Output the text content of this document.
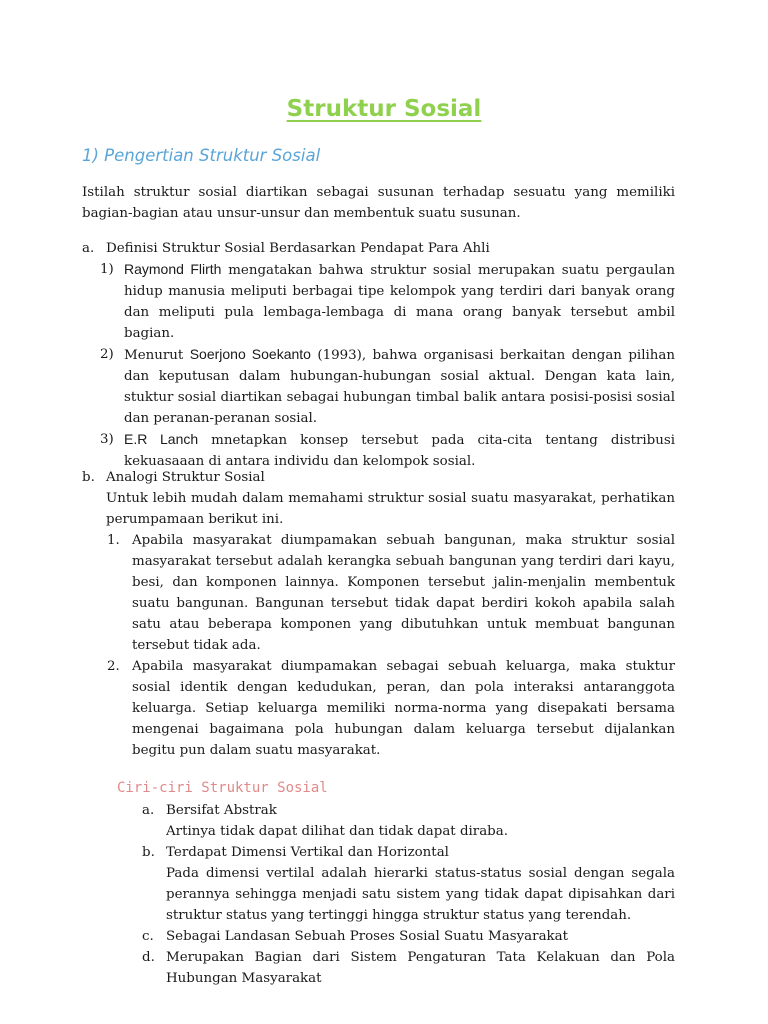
Struktur Sosial
1) Pengertian Struktur Sosial
Istilah struktur sosial diartikan sebagai susunan terhadap sesuatu yang memiliki bagian-bagian atau unsur-unsur dan membentuk suatu susunan.
a. Definisi Struktur Sosial Berdasarkan Pendapat Para Ahli
1) Raymond Flirth mengatakan bahwa struktur sosial merupakan suatu pergaulan hidup manusia meliputi berbagai tipe kelompok yang terdiri dari banyak orang dan meliputi pula lembaga-lembaga di mana orang banyak tersebut ambil bagian.
2) Menurut Soerjono Soekanto (1993), bahwa organisasi berkaitan dengan pilihan dan keputusan dalam hubungan-hubungan sosial aktual. Dengan kata lain, stuktur sosial diartikan sebagai hubungan timbal balik antara posisi-posisi sosial dan peranan-peranan sosial.
3) E.R Lanch mnetapkan konsep tersebut pada cita-cita tentang distribusi kekuasaaan di antara individu dan kelompok sosial.
b. Analogi Struktur Sosial
Untuk lebih mudah dalam memahami struktur sosial suatu masyarakat, perhatikan perumpamaan berikut ini.
1. Apabila masyarakat diumpamakan sebuah bangunan, maka struktur sosial masyarakat tersebut adalah kerangka sebuah bangunan yang terdiri dari kayu, besi, dan komponen lainnya. Komponen tersebut jalin-menjalin membentuk suatu bangunan. Bangunan tersebut tidak dapat berdiri kokoh apabila salah satu atau beberapa komponen yang dibutuhkan untuk membuat bangunan tersebut tidak ada.
2. Apabila masyarakat diumpamakan sebagai sebuah keluarga, maka stuktur sosial identik dengan kedudukan, peran, dan pola interaksi antaranggota keluarga. Setiap keluarga memiliki norma-norma yang disepakati bersama mengenai bagaimana pola hubungan dalam keluarga tersebut dijalankan begitu pun dalam suatu masyarakat.
Ciri-ciri Struktur Sosial
a. Bersifat Abstrak
Artinya tidak dapat dilihat dan tidak dapat diraba.
b. Terdapat Dimensi Vertikal dan Horizontal
Pada dimensi vertilal adalah hierarki status-status sosial dengan segala perannya sehingga menjadi satu sistem yang tidak dapat dipisahkan dari struktur status yang tertinggi hingga struktur status yang terendah.
c. Sebagai Landasan Sebuah Proses Sosial Suatu Masyarakat
d. Merupakan Bagian dari Sistem Pengaturan Tata Kelakuan dan Pola Hubungan Masyarakat
